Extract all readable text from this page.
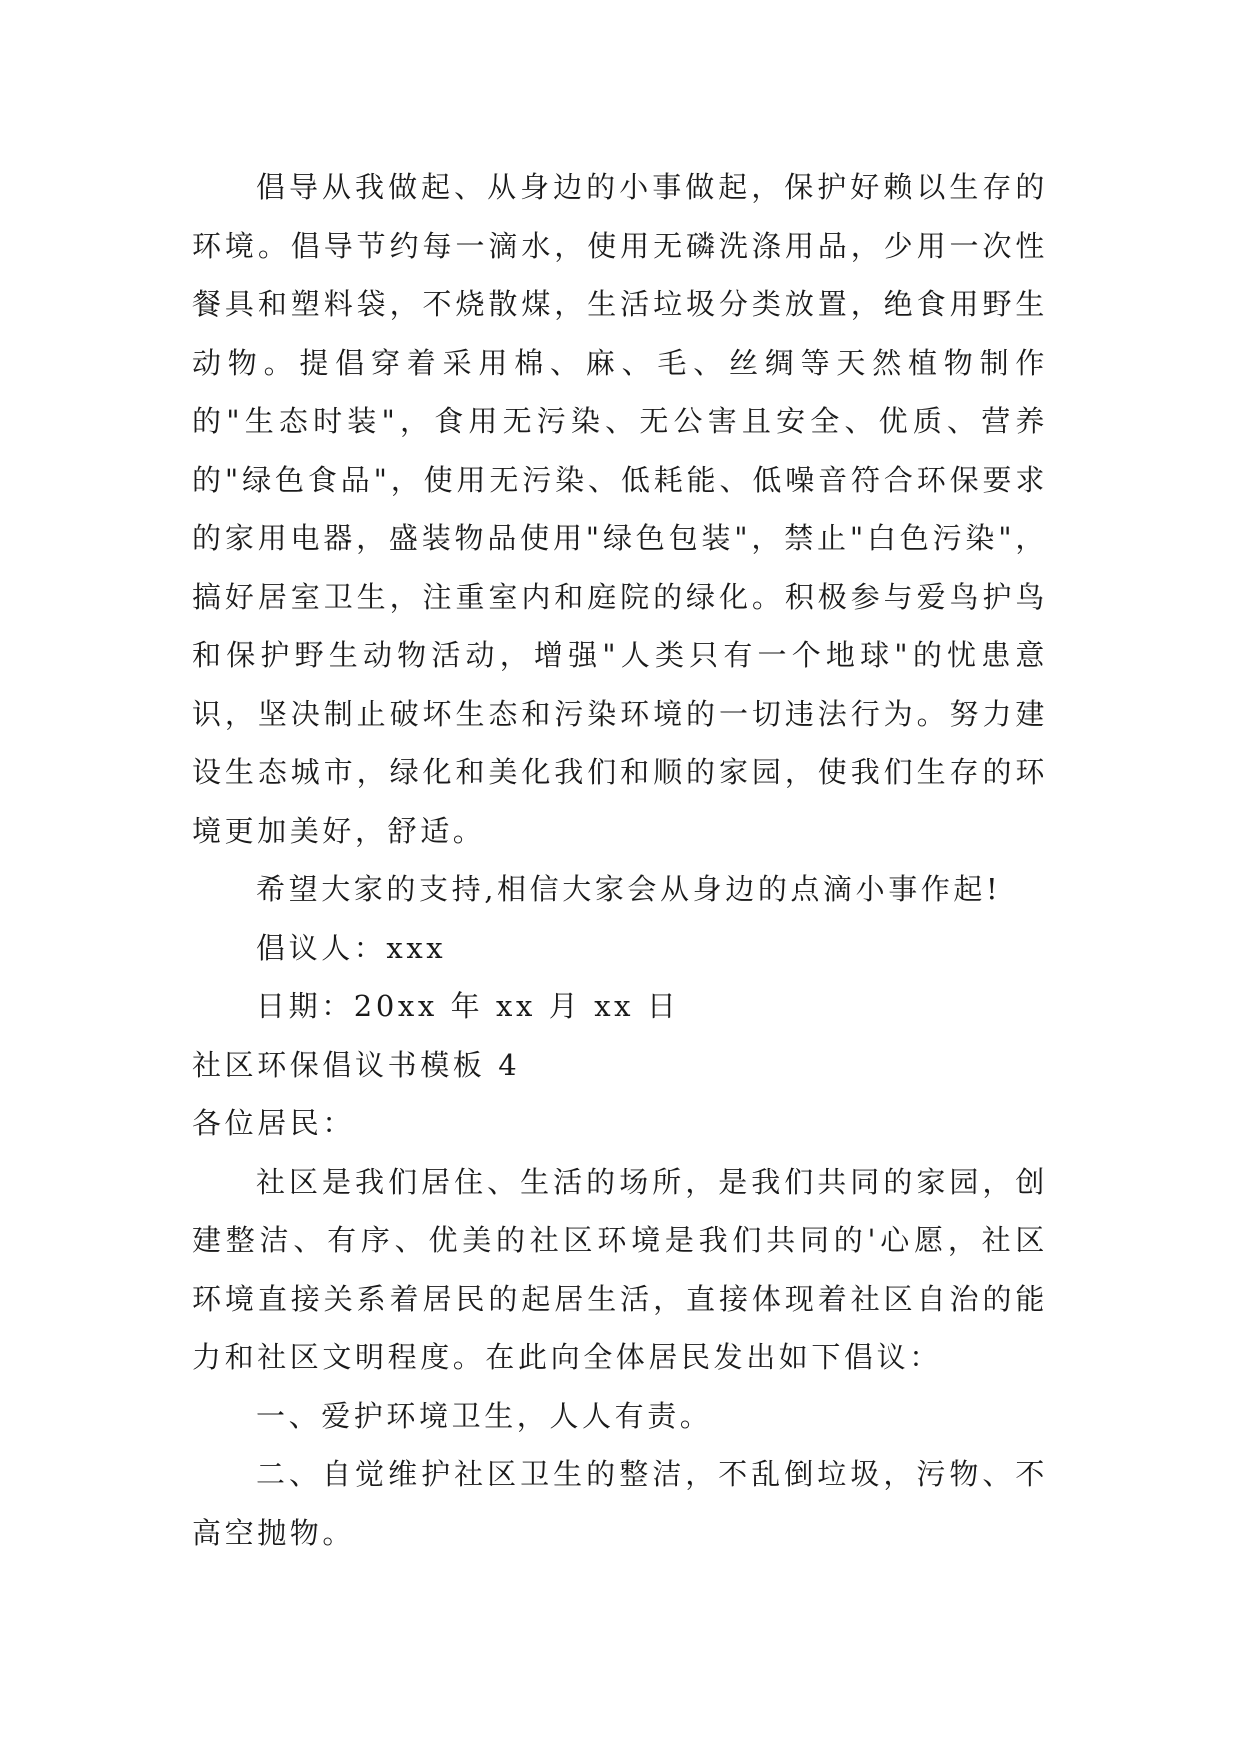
倡导从我做起、从身边的小事做起，保护好赖以生存的环境。倡导节约每一滴水，使用无磷洗涤用品，少用一次性餐具和塑料袋，不烧散煤，生活垃圾分类放置，绝食用野生动物。提倡穿着采用棉、麻、毛、丝绸等天然植物制作的"生态时装"，食用无污染、无公害且安全、优质、营养的"绿色食品"，使用无污染、低耗能、低噪音符合环保要求的家用电器，盛装物品使用"绿色包装"，禁止"白色污染"，搞好居室卫生，注重室内和庭院的绿化。积极参与爱鸟护鸟和保护野生动物活动，增强"人类只有一个地球"的忧患意识，坚决制止破坏生态和污染环境的一切违法行为。努力建设生态城市，绿化和美化我们和顺的家园，使我们生存的环境更加美好，舒适。

希望大家的支持,相信大家会从身边的点滴小事作起!

倡议人：xxx

日期：20xx 年 xx 月 xx 日

社区环保倡议书模板 4

各位居民：

社区是我们居住、生活的场所，是我们共同的家园，创建整洁、有序、优美的社区环境是我们共同的'心愿，社区环境直接关系着居民的起居生活，直接体现着社区自治的能力和社区文明程度。在此向全体居民发出如下倡议：

一、爱护环境卫生，人人有责。

二、自觉维护社区卫生的整洁，不乱倒垃圾，污物、不高空抛物。
